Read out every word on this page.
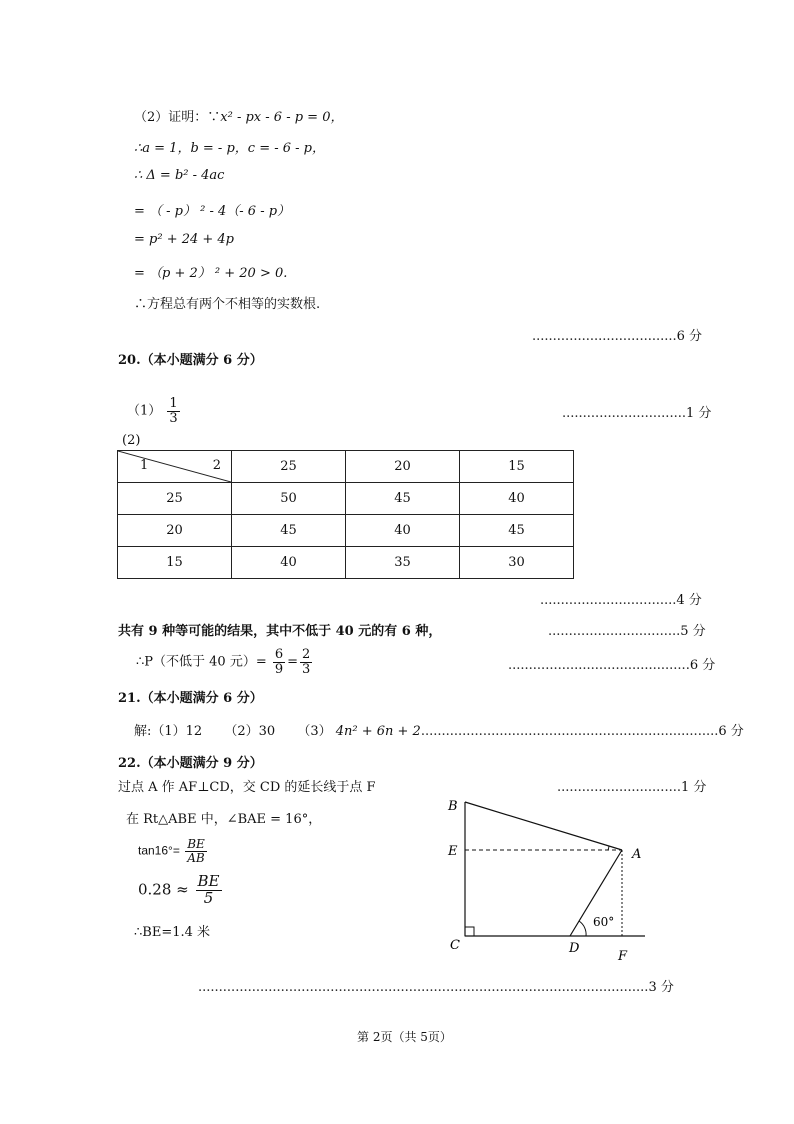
（2）证明：∵x² - px - 6 - p = 0，
∴a = 1，b = - p，c = - 6 - p，
∴ Δ = b² - 4ac
= （ - p） ² - 4（- 6 - p）
= p² + 24 + 4p
= （p + 2） ² + 20 > 0.
∴方程总有两个不相等的实数根.
...................................6 分
20.（本小题满分 6 分）
$(1) \frac{1}{3}$	..............................1 分
(2)
1 2	25	20	15
25	50	45	40
20	45	40	45
15	40	35	30
.................................4 分
共有 9 种等可能的结果，其中不低于 40 元的有 6 种，	................................5 分
∴P（不低于 40 元）= $\frac{6}{9} = \frac{2}{3}$	............................................6 分
21.（本小题满分 6 分）
解:（1）12 （2）30 （3） 4n² + 6n + 2........................................................................6 分
22.（本小题满分 9 分）
过点 A 作 AF⊥CD，交 CD 的延长线于点 F	..............................1 分
在 Rt△ABE 中，∠BAE = 16°，
$\tan 16^\circ= \frac{BE}{AB}$
$0.28 \approx \frac{BE}{5}$
∴BE=1.4 米
B
E	A
C	D
F
60°
.............................................................................................................3 分
第 2页（共 5页）
